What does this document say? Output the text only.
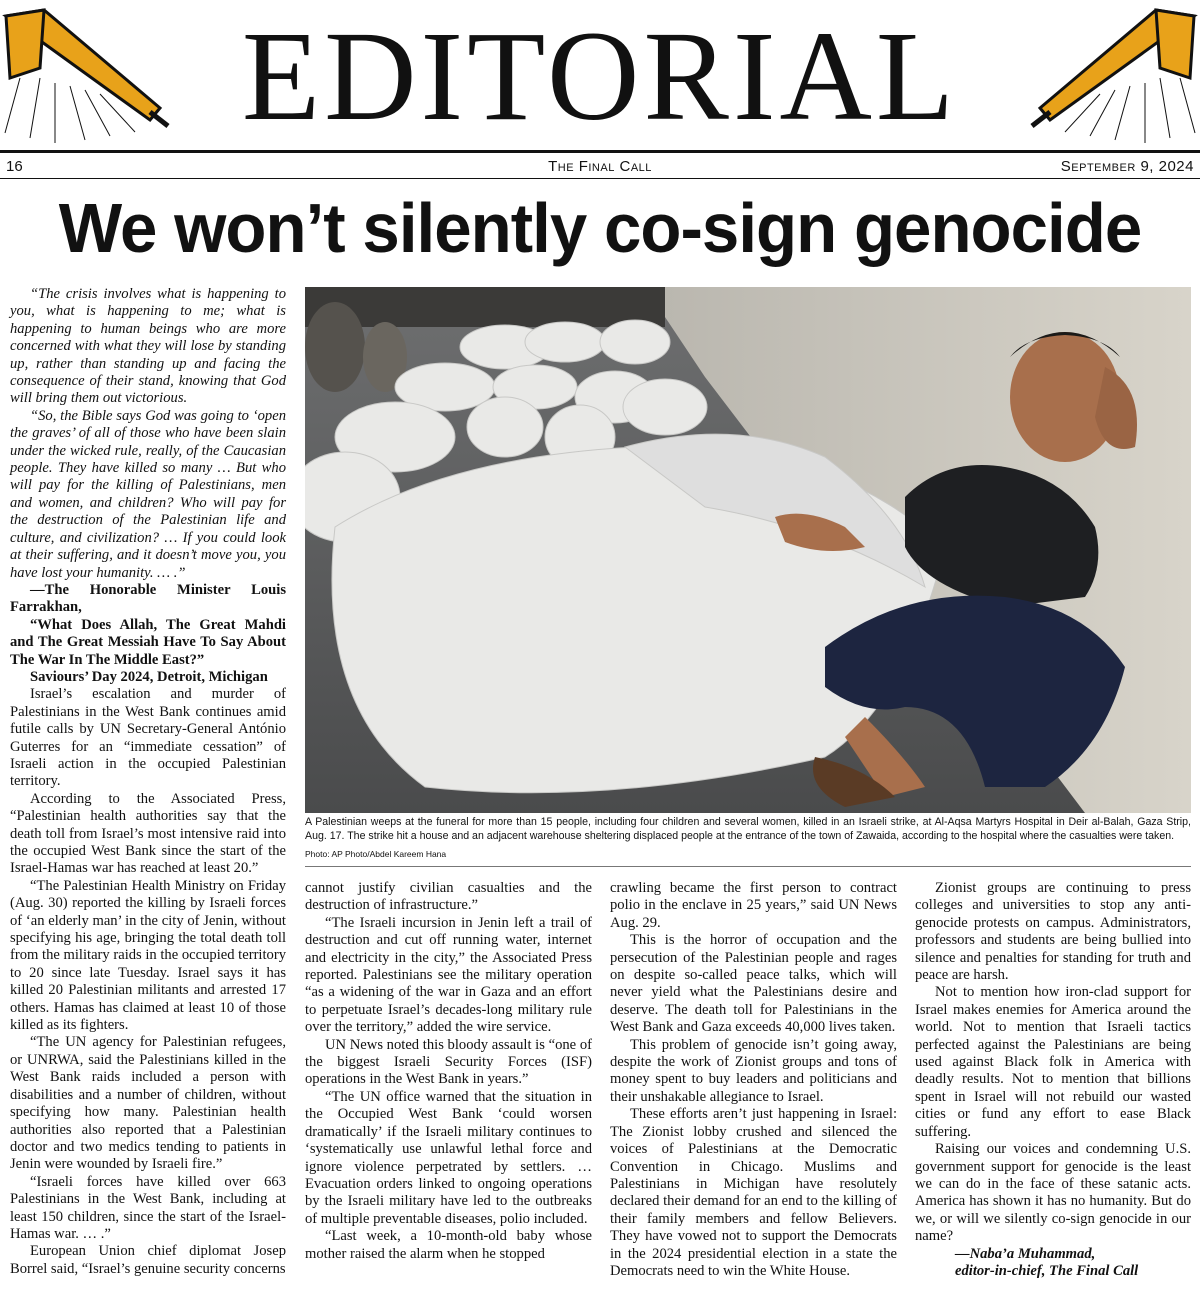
EDITORIAL
16	The Final Call	September 9, 2024
We won’t silently co-sign genocide

“The crisis involves what is happening to you, what is happening to me; what is happening to human beings who are more concerned with what they will lose by standing up, rather than standing up and facing the consequence of their stand, knowing that God will bring them out victorious.

“So, the Bible says God was going to ‘open the graves’ of all of those who have been slain under the wicked rule, really, of the Caucasian people. They have killed so many … But who will pay for the killing of Palestinians, men and women, and children? Who will pay for the destruction of the Palestinian life and culture, and civilization? … If you could look at their suffering, and it doesn’t move you, you have lost your humanity. … .”

—The Honorable Minister Louis Farrakhan,

“What Does Allah, The Great Mahdi and The Great Messiah Have To Say About The War In The Middle East?”

Saviours’ Day 2024, Detroit, Michigan

Israel’s escalation and murder of Palestinians in the West Bank continues amid futile calls by UN Secretary-General António Guterres for an “immediate cessation” of Israeli action in the occupied Palestinian territory.

According to the Associated Press, “Palestinian health authorities say that the death toll from Israel’s most intensive raid into the occupied West Bank since the start of the Israel-Hamas war has reached at least 20.”

“The Palestinian Health Ministry on Friday (Aug. 30) reported the killing by Israeli forces of ‘an elderly man’ in the city of Jenin, without specifying his age, bringing the total death toll from the military raids in the occupied territory to 20 since late Tuesday. Israel says it has killed 20 Palestinian militants and arrested 17 others. Hamas has claimed at least 10 of those killed as its fighters.

“The UN agency for Palestinian refugees, or UNRWA, said the Palestinians killed in the West Bank raids included a person with disabilities and a number of children, without specifying how many. Palestinian health authorities also reported that a Palestinian doctor and two medics tending to patients in Jenin were wounded by Israeli fire.”

“Israeli forces have killed over 663 Palestinians in the West Bank, including at least 150 children, since the start of the Israel-Hamas war. … .”

European Union chief diplomat Josep Borrel said, “Israel’s genuine security concerns

A Palestinian weeps at the funeral for more than 15 people, including four children and several women, killed in an Israeli strike, at Al-Aqsa Martyrs Hospital in Deir al-Balah, Gaza Strip, Aug. 17. The strike hit a house and an adjacent warehouse sheltering displaced people at the entrance of the town of Zawaida, according to the hospital where the casualties were taken.

Photo: AP Photo/Abdel Kareem Hana

cannot justify civilian casualties and the destruction of infrastructure.”

“The Israeli incursion in Jenin left a trail of destruction and cut off running water, internet and electricity in the city,” the Associated Press reported. Palestinians see the military operation “as a widening of the war in Gaza and an effort to perpetuate Israel’s decades-long military rule over the territory,” added the wire service.

UN News noted this bloody assault is “one of the biggest Israeli Security Forces (ISF) operations in the West Bank in years.”

“The UN office warned that the situation in the Occupied West Bank ‘could worsen dramatically’ if the Israeli military continues to ‘systematically use unlawful lethal force and ignore violence perpetrated by settlers. … Evacuation orders linked to ongoing operations by the Israeli military have led to the outbreaks of multiple preventable diseases, polio included.

“Last week, a 10-month-old baby whose mother raised the alarm when he stopped

crawling became the first person to contract polio in the enclave in 25 years,” said UN News Aug. 29.

This is the horror of occupation and the persecution of the Palestinian people and rages on despite so-called peace talks, which will never yield what the Palestinians desire and deserve. The death toll for Palestinians in the West Bank and Gaza exceeds 40,000 lives taken.

This problem of genocide isn’t going away, despite the work of Zionist groups and tons of money spent to buy leaders and politicians and their unshakable allegiance to Israel.

These efforts aren’t just happening in Israel: The Zionist lobby crushed and silenced the voices of Palestinians at the Democratic Convention in Chicago. Muslims and Palestinians in Michigan have resolutely declared their demand for an end to the killing of their family members and fellow Believers. They have vowed not to support the Democrats in the 2024 presidential election in a state the Democrats need to win the White House.

Zionist groups are continuing to press colleges and universities to stop any anti-genocide protests on campus. Administrators, professors and students are being bullied into silence and penalties for standing for truth and peace are harsh.

Not to mention how iron-clad support for Israel makes enemies for America around the world. Not to mention that Israeli tactics perfected against the Palestinians are being used against Black folk in America with deadly results. Not to mention that billions spent in Israel will not rebuild our wasted cities or fund any effort to ease Black suffering.

Raising our voices and condemning U.S. government support for genocide is the least we can do in the face of these satanic acts. America has shown it has no humanity. But do we, or will we silently co-sign genocide in our name?

—Naba’a Muhammad,

editor-in-chief, The Final Call
